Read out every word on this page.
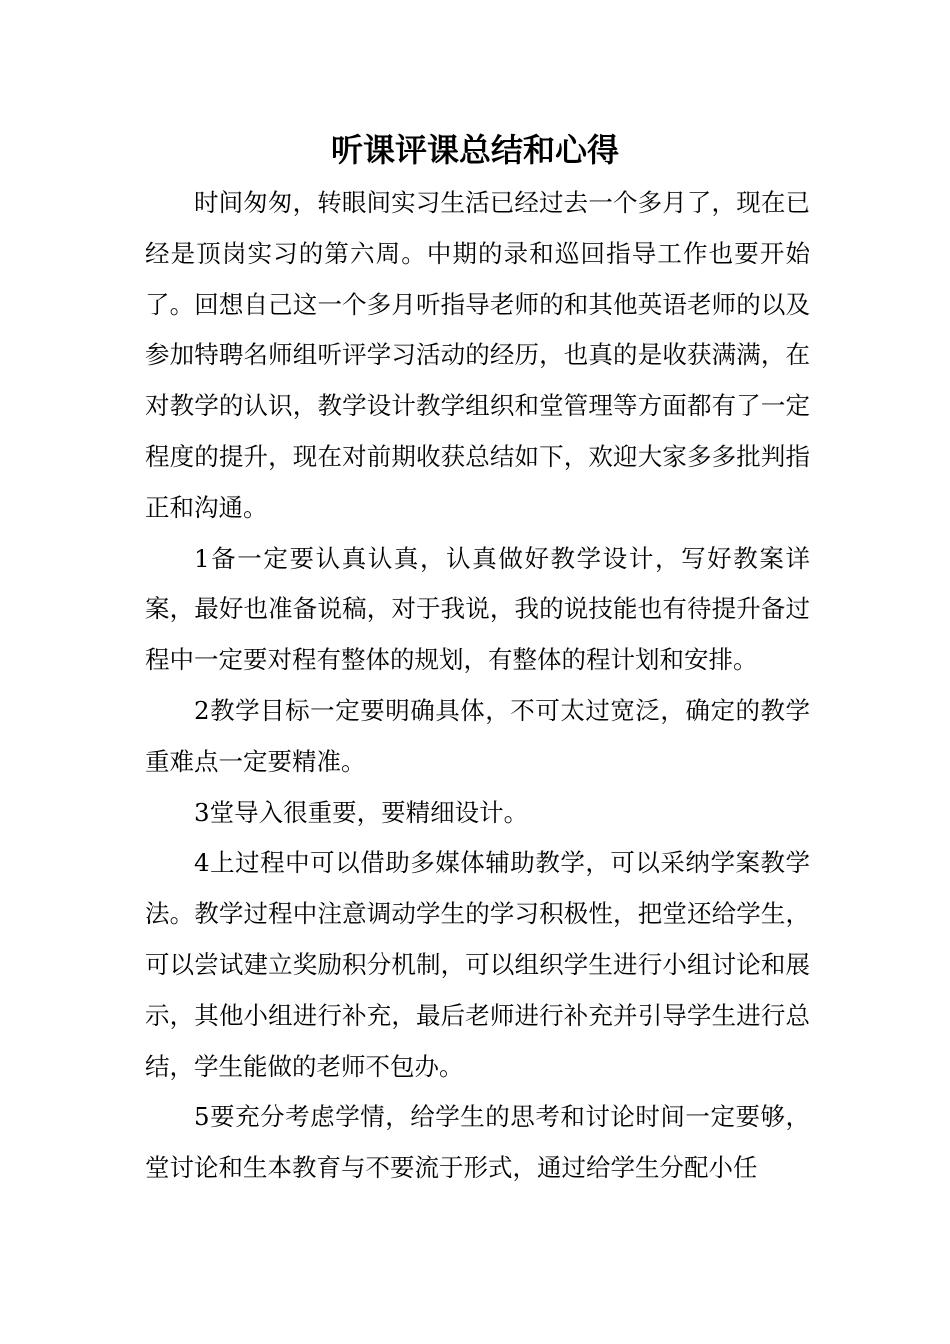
听课评课总结和心得

时间匆匆，转眼间实习生活已经过去一个多月了，现在已经是顶岗实习的第六周。中期的录和巡回指导工作也要开始了。回想自己这一个多月听指导老师的和其他英语老师的以及参加特聘名师组听评学习活动的经历，也真的是收获满满，在对教学的认识，教学设计教学组织和堂管理等方面都有了一定程度的提升，现在对前期收获总结如下，欢迎大家多多批判指正和沟通。

1备一定要认真认真，认真做好教学设计，写好教案详案，最好也准备说稿，对于我说，我的说技能也有待提升备过程中一定要对程有整体的规划，有整体的程计划和安排。

2教学目标一定要明确具体，不可太过宽泛，确定的教学重难点一定要精准。

3堂导入很重要，要精细设计。

4上过程中可以借助多媒体辅助教学，可以采纳学案教学法。教学过程中注意调动学生的学习积极性，把堂还给学生，可以尝试建立奖励积分机制，可以组织学生进行小组讨论和展示，其他小组进行补充，最后老师进行补充并引导学生进行总结，学生能做的老师不包办。

5要充分考虑学情，给学生的思考和讨论时间一定要够，堂讨论和生本教育与不要流于形式，通过给学生分配小任
